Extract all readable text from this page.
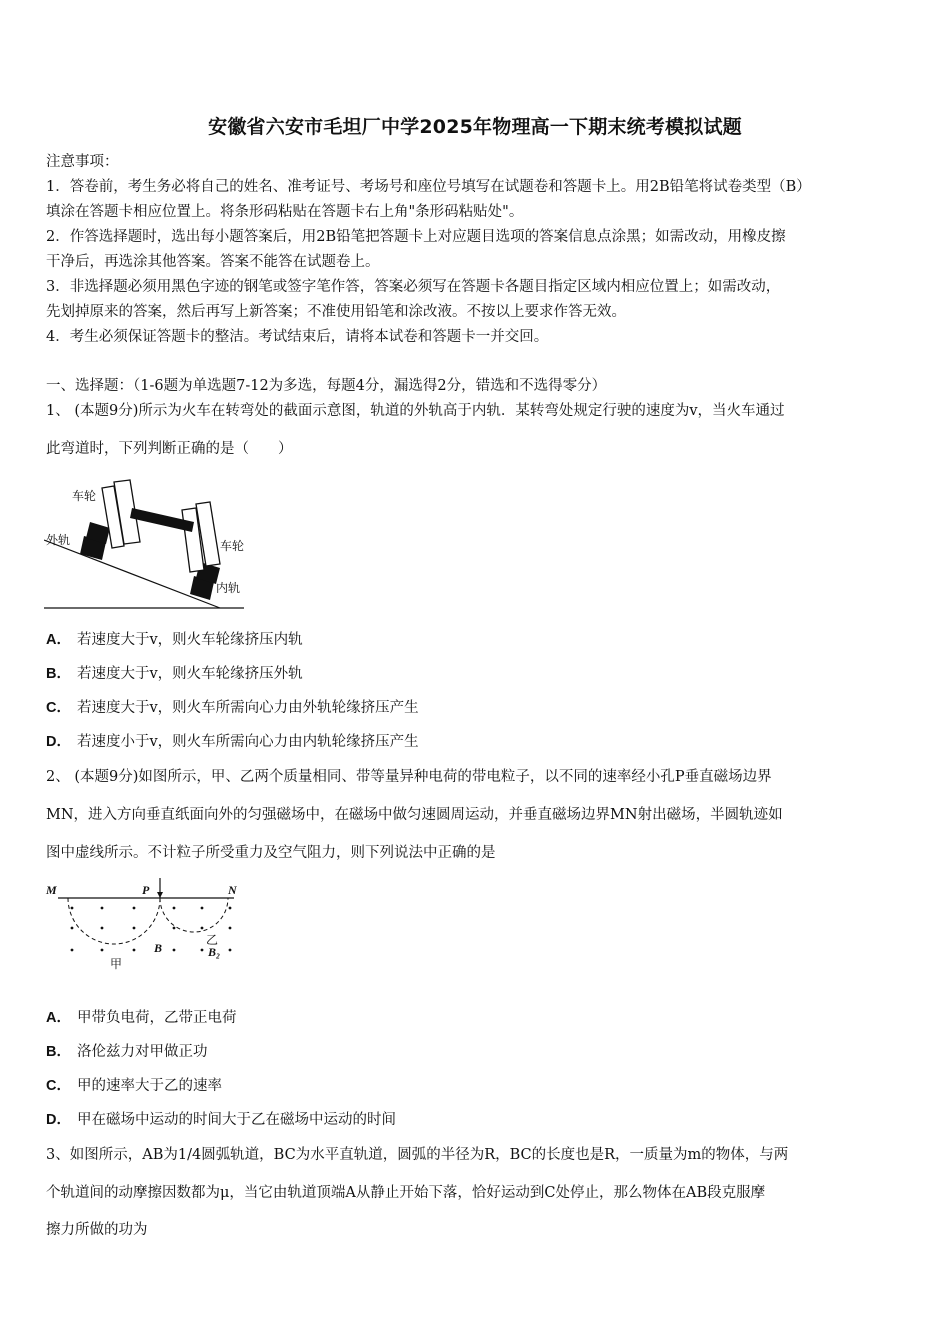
安徽省六安市毛坦厂中学2025年物理高一下期末统考模拟试题
注意事项：
1．答卷前，考生务必将自己的姓名、准考证号、考场号和座位号填写在试题卷和答题卡上。用2B铅笔将试卷类型（B）
填涂在答题卡相应位置上。将条形码粘贴在答题卡右上角"条形码粘贴处"。
2．作答选择题时，选出每小题答案后，用2B铅笔把答题卡上对应题目选项的答案信息点涂黑；如需改动，用橡皮擦
干净后，再选涂其他答案。答案不能答在试题卷上。
3．非选择题必须用黑色字迹的钢笔或签字笔作答，答案必须写在答题卡各题目指定区域内相应位置上；如需改动，
先划掉原来的答案，然后再写上新答案；不准使用铅笔和涂改液。不按以上要求作答无效。
4．考生必须保证答题卡的整洁。考试结束后，请将本试卷和答题卡一并交回。
一、选择题：（1-6题为单选题7-12为多选，每题4分，漏选得2分，错选和不选得零分）
1、 (本题9分)所示为火车在转弯处的截面示意图，轨道的外轨高于内轨．某转弯处规定行驶的速度为v，当火车通过
此弯道时，下列判断正确的是（　　）
车轮
外轨	车轮
内轨
A． 若速度大于v，则火车轮缘挤压内轨
B． 若速度大于v，则火车轮缘挤压外轨
C． 若速度大于v，则火车所需向心力由外轨轮缘挤压产生
D． 若速度小于v，则火车所需向心力由内轨轮缘挤压产生
2、 (本题9分)如图所示，甲、乙两个质量相同、带等量异种电荷的带电粒子，以不同的速率经小孔P垂直磁场边界
MN，进入方向垂直纸面向外的匀强磁场中，在磁场中做匀速圆周运动，并垂直磁场边界MN射出磁场，半圆轨迹如
图中虚线所示。不计粒子所受重力及空气阻力，则下列说法中正确的是
M	P	N
B
乙
B₂
甲
A． 甲带负电荷，乙带正电荷
B． 洛伦兹力对甲做正功
C． 甲的速率大于乙的速率
D． 甲在磁场中运动的时间大于乙在磁场中运动的时间
3、如图所示，AB为1/4圆弧轨道，BC为水平直轨道，圆弧的半径为R，BC的长度也是R，一质量为m的物体，与两
个轨道间的动摩擦因数都为μ，当它由轨道顶端A从静止开始下落，恰好运动到C处停止，那么物体在AB段克服摩
擦力所做的功为
